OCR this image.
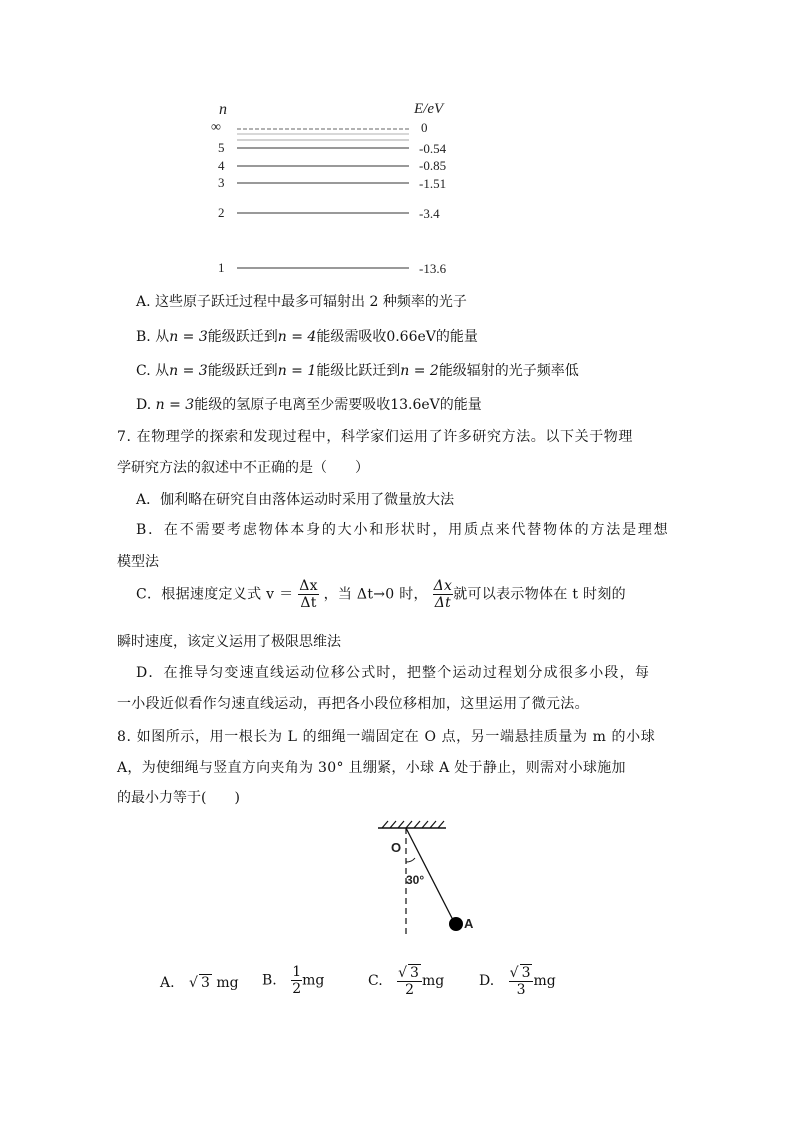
n	E/eV
∞
5
4
3
2
1
0
-0.54
-0.85
-1.51
-3.4
-13.6
A. 这些原子跃迁过程中最多可辐射出 2 种频率的光子
B. 从n = 3能级跃迁到n = 4能级需吸收0.66eV的能量
C. 从n = 3能级跃迁到n = 1能级比跃迁到n = 2能级辐射的光子频率低
D. n = 3能级的氢原子电离至少需要吸收13.6eV的能量
7. 在物理学的探索和发现过程中，科学家们运用了许多研究方法。以下关于物理
学研究方法的叙述中不正确的是（　　）
A．伽利略在研究自由落体运动时采用了微量放大法
B．在不需要考虑物体本身的大小和形状时，用质点来代替物体的方法是理想
模型法
C．根据速度定义式 $v = \frac{\Delta x}{\Delta t}$ ，当 Δt→0 时， $\frac{\Delta x}{\Delta t}$ 就可以表示物体在 t 时刻的
瞬时速度，该定义运用了极限思维法
D．在推导匀变速直线运动位移公式时，把整个运动过程划分成很多小段，每
一小段近似看作匀速直线运动，再把各小段位移相加，这里运用了微元法。
8. 如图所示，用一根长为 L 的细绳一端固定在 O 点，另一端悬挂质量为 m 的小球
A，为使细绳与竖直方向夹角为 30° 且绷紧，小球 A 处于静止，则需对小球施加
的最小力等于(　　)
O
30°
A
A. √ 3 mg B. $\frac{1}{2}$ mg	C. $\frac{√ 3}{2}$ mg D. $\frac{√ 3}{3}$ mg
